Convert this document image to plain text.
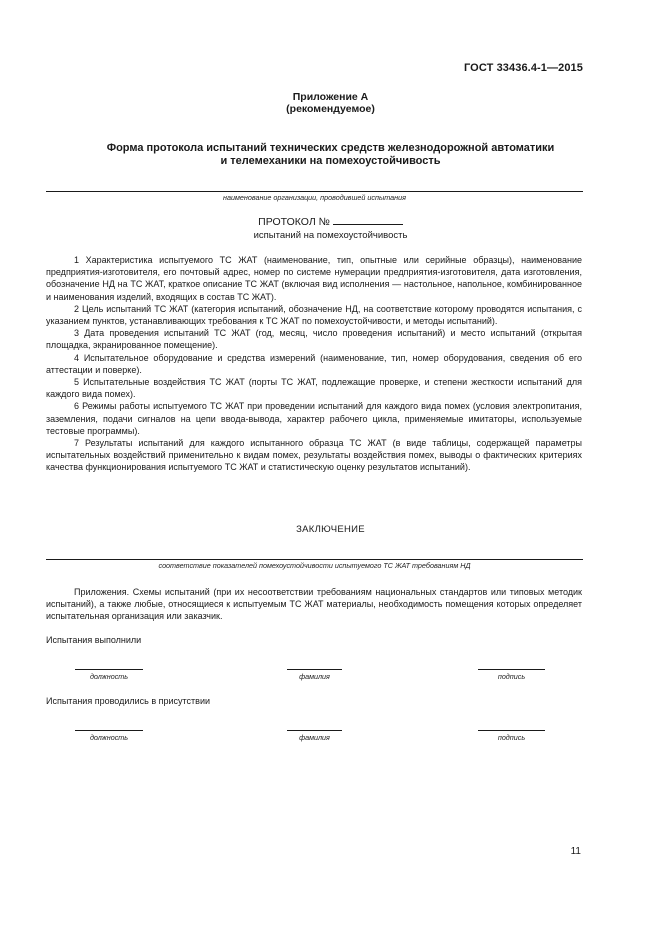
ГОСТ 33436.4-1—2015
Приложение А
(рекомендуемое)
Форма протокола испытаний технических средств железнодорожной автоматики
и телемеханики на помехоустойчивость
наименование организации, проводившей испытания
ПРОТОКОЛ №
испытаний на помехоустойчивость

1 Характеристика испытуемого ТС ЖАТ (наименование, тип, опытные или серийные образцы), наименование предприятия-изготовителя, его почтовый адрес, номер по системе нумерации предприятия-изготовителя, дата изготовления, обозначение НД на ТС ЖАТ, краткое описание ТС ЖАТ (включая вид исполнения — настольное, напольное, комбинированное и наименования изделий, входящих в состав ТС ЖАТ).

2 Цель испытаний ТС ЖАТ (категория испытаний, обозначение НД, на соответствие которому проводятся испытания, с указанием пунктов, устанавливающих требования к ТС ЖАТ по помехоустойчивости, и методы испытаний).

3 Дата проведения испытаний ТС ЖАТ (год, месяц, число проведения испытаний) и место испытаний (открытая площадка, экранированное помещение).

4 Испытательное оборудование и средства измерений (наименование, тип, номер оборудования, сведения об его аттестации и поверке).

5 Испытательные воздействия ТС ЖАТ (порты ТС ЖАТ, подлежащие проверке, и степени жесткости испытаний для каждого вида помех).

6 Режимы работы испытуемого ТС ЖАТ при проведении испытаний для каждого вида помех (условия электропитания, заземления, подачи сигналов на цепи ввода-вывода, характер рабочего цикла, применяемые имитаторы, используемые тестовые программы).

7 Результаты испытаний для каждого испытанного образца ТС ЖАТ (в виде таблицы, содержащей параметры испытательных воздействий применительно к видам помех, результаты воздействия помех, выводы о фактических критериях качества функционирования испытуемого ТС ЖАТ и статистическую оценку результатов испытаний).

ЗАКЛЮЧЕНИЕ
соответствие показателей помехоустойчивости испытуемого ТС ЖАТ требованиям НД

Приложения. Схемы испытаний (при их несоответствии требованиям национальных стандартов или типовых методик испытаний), а также любые, относящиеся к испытуемым ТС ЖАТ материалы, необходимость помещения которых определяет испытательная организация или заказчик.

Испытания выполнили
должность	фамилия	подпись
Испытания проводились в присутствии
должность	фамилия	подпись
11
